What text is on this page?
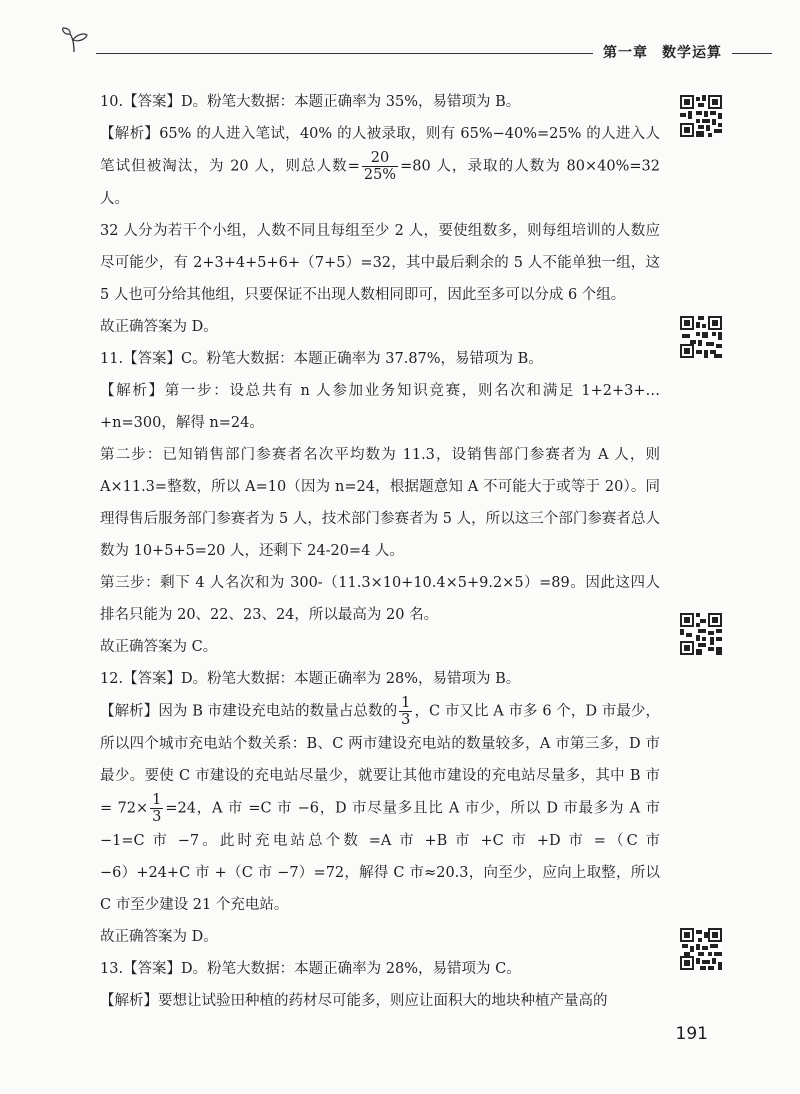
第一章 数学运算

10.【答案】D。粉笔大数据：本题正确率为 35%，易错项为 B。

【解析】65% 的人进入笔试，40% 的人被录取，则有 65%−40%=25% 的人进入人笔试但被淘汰，为 20 人，则总人数= $\frac{20}{25\%} =80$ 人，录取的人数为 80×40%=32 人。

32 人分为若干个小组，人数不同且每组至少 2 人，要使组数多，则每组培训的人数应尽可能少，有 2+3+4+5+6+（7+5）=32，其中最后剩余的 5 人不能单独一组，这 5 人也可分给其他组，只要保证不出现人数相同即可，因此至多可以分成 6 个组。

故正确答案为 D。

11.【答案】C。粉笔大数据：本题正确率为 37.87%，易错项为 B。

【解析】第一步：设总共有 n 人参加业务知识竞赛，则名次和满足 1+2+3+…+n=300，解得 n=24。

第二步：已知销售部门参赛者名次平均数为 11.3，设销售部门参赛者为 A 人，则 A×11.3=整数，所以 A=10（因为 n=24，根据题意知 A 不可能大于或等于 20）。同理得售后服务部门参赛者为 5 人，技术部门参赛者为 5 人，所以这三个部门参赛者总人数为 10+5+5=20 人，还剩下 24-20=4 人。

第三步：剩下 4 人名次和为 300-（11.3×10+10.4×5+9.2×5）=89。因此这四人排名只能为 20、22、23、24，所以最高为 20 名。

故正确答案为 C。

12.【答案】D。粉笔大数据：本题正确率为 28%，易错项为 B。

【解析】因为 B 市建设充电站的数量占总数的 $\frac{1}{3}$ ，C 市又比 A 市多 6 个，D 市最少，所以四个城市充电站个数关系：B、C 两市建设充电站的数量较多，A 市第三多，D 市最少。要使 C 市建设的充电站尽量少，就要让其他市建设的充电站尽量多，其中 B 市 = $72\times \frac{1}{3} =24$，A 市 =C 市 −6，D 市尽量多且比 A 市少，所以 D 市最多为 A 市 −1=C 市 −7。此时充电站总个数 =A 市 +B 市 +C 市 +D 市 =（C 市 −6）+24+C 市 +（C 市 −7）=72，解得 C 市≈20.3，向至少，应向上取整，所以 C 市至少建设 21 个充电站。

故正确答案为 D。

13.【答案】D。粉笔大数据：本题正确率为 28%，易错项为 C。

【解析】要想让试验田种植的药材尽可能多，则应让面积大的地块种植产量高的

191
